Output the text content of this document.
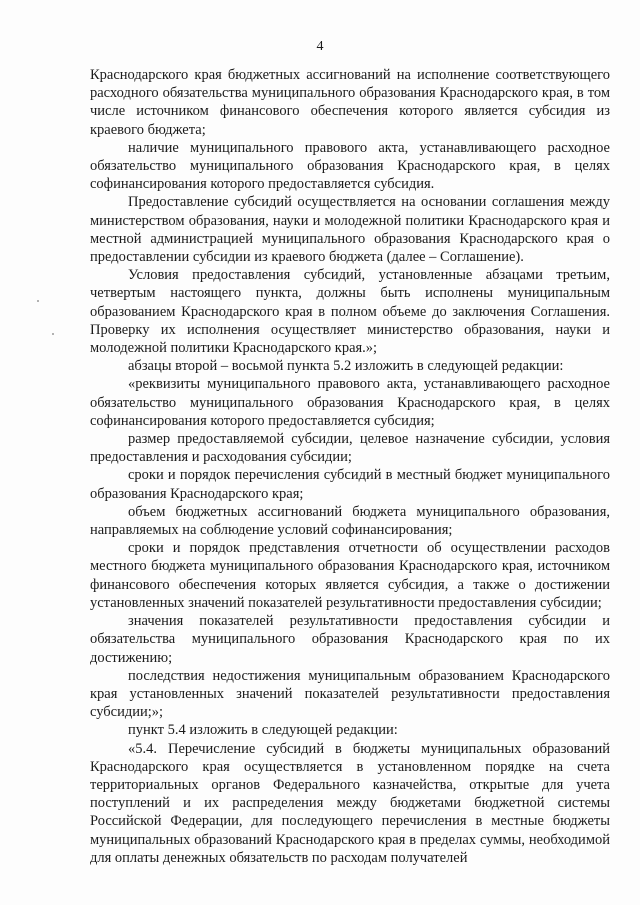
4

Краснодарского края бюджетных ассигнований на исполнение соответствующего расходного обязательства муниципального образования Краснодарского края, в том числе источником финансового обеспечения которого является субсидия из краевого бюджета;

наличие муниципального правового акта, устанавливающего расходное обязательство муниципального образования Краснодарского края, в целях софинансирования которого предоставляется субсидия.

Предоставление субсидий осуществляется на основании соглашения между министерством образования, науки и молодежной политики Краснодарского края и местной администрацией муниципального образования Краснодарского края о предоставлении субсидии из краевого бюджета (далее – Соглашение).

Условия предоставления субсидий, установленные абзацами третьим, четвертым настоящего пункта, должны быть исполнены муниципальным образованием Краснодарского края в полном объеме до заключения Соглашения. Проверку их исполнения осуществляет министерство образования, науки и молодежной политики Краснодарского края.»;

абзацы второй – восьмой пункта 5.2 изложить в следующей редакции:

«реквизиты муниципального правового акта, устанавливающего расходное обязательство муниципального образования Краснодарского края, в целях софинансирования которого предоставляется субсидия;

размер предоставляемой субсидии, целевое назначение субсидии, условия предоставления и расходования субсидии;

сроки и порядок перечисления субсидий в местный бюджет муниципального образования Краснодарского края;

объем бюджетных ассигнований бюджета муниципального образования, направляемых на соблюдение условий софинансирования;

сроки и порядок представления отчетности об осуществлении расходов местного бюджета муниципального образования Краснодарского края, источником финансового обеспечения которых является субсидия, а также о достижении установленных значений показателей результативности предоставления субсидии;

значения показателей результативности предоставления субсидии и обязательства муниципального образования Краснодарского края по их достижению;

последствия недостижения муниципальным образованием Краснодарского края установленных значений показателей результативности предоставления субсидии;»;

пункт 5.4 изложить в следующей редакции:

«5.4. Перечисление субсидий в бюджеты муниципальных образований Краснодарского края осуществляется в установленном порядке на счета территориальных органов Федерального казначейства, открытые для учета поступлений и их распределения между бюджетами бюджетной системы Российской Федерации, для последующего перечисления в местные бюджеты муниципальных образований Краснодарского края в пределах суммы, необходимой для оплаты денежных обязательств по расходам получателей
